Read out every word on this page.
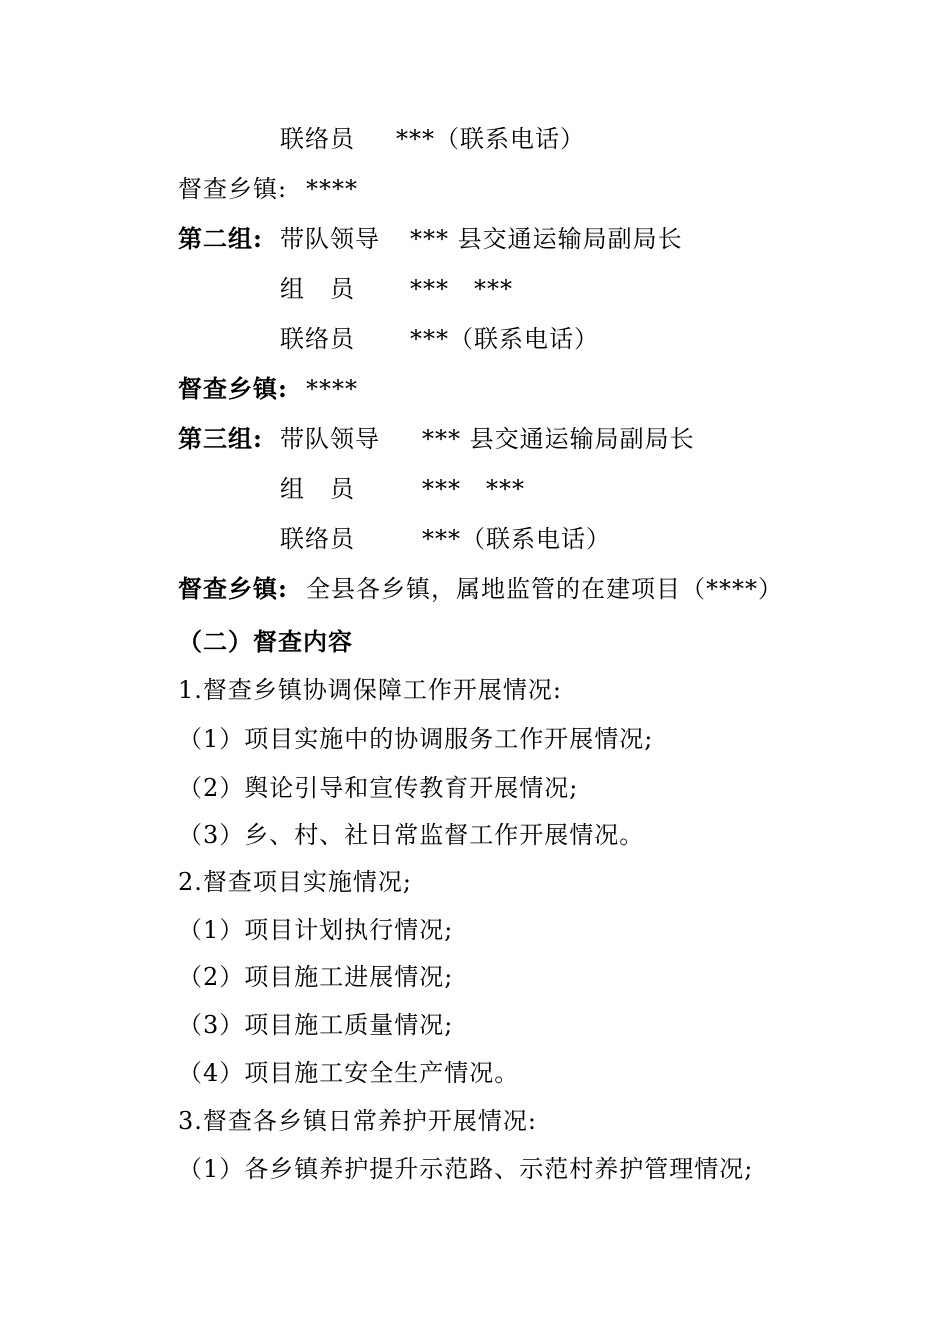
联络员 ***（联系电话）
督查乡镇: ****
第二组: 带队领导 *** 县交通运输局副局长
组　员 ***　***
联络员 ***（联系电话）
督查乡镇: ****
第三组: 带队领导 *** 县交通运输局副局长
组　员	***　***
联络员	***（联系电话）
督查乡镇: 全县各乡镇，属地监管的在建项目（****）
（二）督查内容
1.督查乡镇协调保障工作开展情况:
（1）项目实施中的协调服务工作开展情况;
（2）舆论引导和宣传教育开展情况;
（3）乡、村、社日常监督工作开展情况。
2.督查项目实施情况;
（1）项目计划执行情况;
（2）项目施工进展情况;
（3）项目施工质量情况;
（4）项目施工安全生产情况。
3.督查各乡镇日常养护开展情况:
（1）各乡镇养护提升示范路、示范村养护管理情况;
